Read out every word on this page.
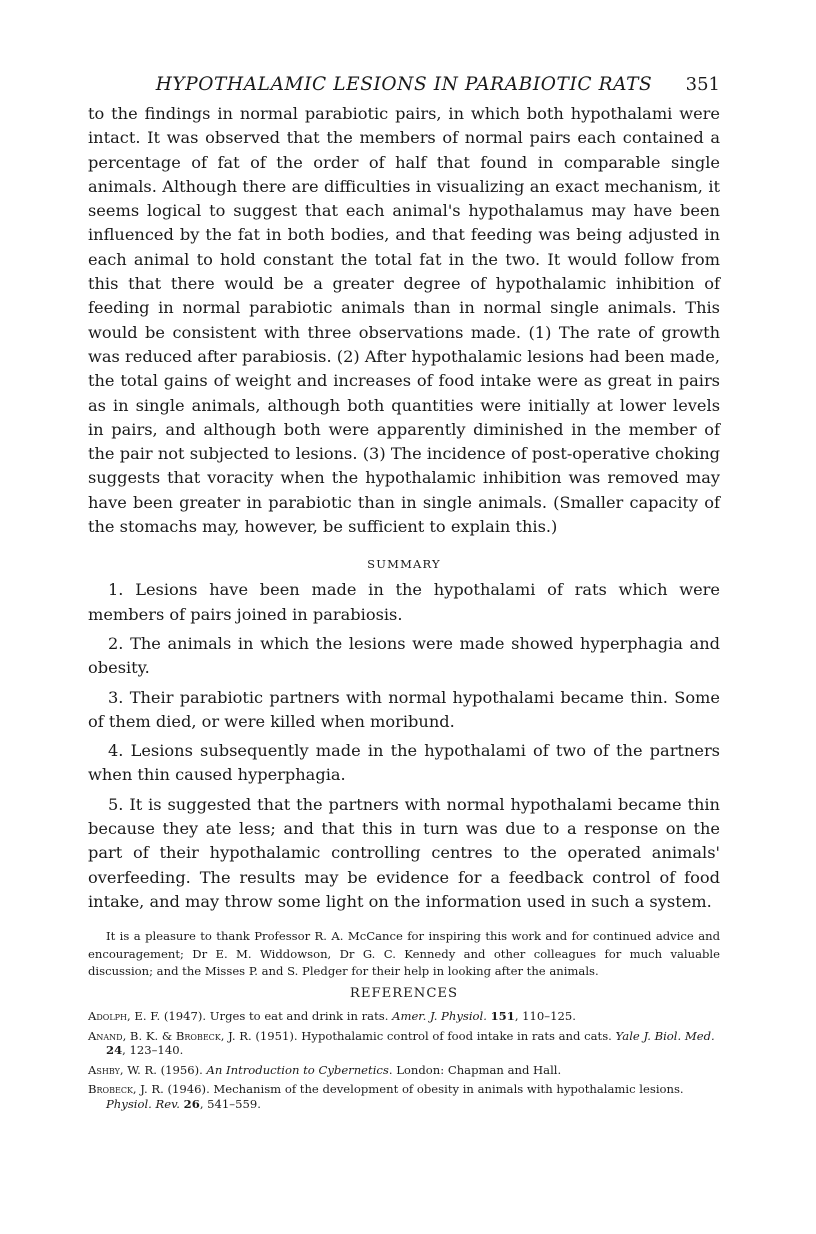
HYPOTHALAMIC LESIONS IN PARABIOTIC RATS	351

to the findings in normal parabiotic pairs, in which both hypothalami were intact. It was observed that the members of normal pairs each contained a percentage of fat of the order of half that found in comparable single animals. Although there are difficulties in visualizing an exact mechanism, it seems logical to suggest that each animal's hypothalamus may have been influenced by the fat in both bodies, and that feeding was being adjusted in each animal to hold constant the total fat in the two. It would follow from this that there would be a greater degree of hypothalamic inhibition of feeding in normal parabiotic animals than in normal single animals. This would be consistent with three observations made. (1) The rate of growth was reduced after parabiosis. (2) After hypothalamic lesions had been made, the total gains of weight and increases of food intake were as great in pairs as in single animals, although both quantities were initially at lower levels in pairs, and although both were apparently diminished in the member of the pair not subjected to lesions. (3) The incidence of post-operative choking suggests that voracity when the hypothalamic inhibition was removed may have been greater in parabiotic than in single animals. (Smaller capacity of the stomachs may, however, be sufficient to explain this.)

SUMMARY
1. Lesions have been made in the hypothalami of rats which were members of pairs joined in parabiosis.
2. The animals in which the lesions were made showed hyperphagia and obesity.
3. Their parabiotic partners with normal hypothalami became thin. Some of them died, or were killed when moribund.
4. Lesions subsequently made in the hypothalami of two of the partners when thin caused hyperphagia.
5. It is suggested that the partners with normal hypothalami became thin because they ate less; and that this in turn was due to a response on the part of their hypothalamic controlling centres to the operated animals' overfeeding. The results may be evidence for a feedback control of food intake, and may throw some light on the information used in such a system.

It is a pleasure to thank Professor R. A. McCance for inspiring this work and for continued advice and encouragement; Dr E. M. Widdowson, Dr G. C. Kennedy and other colleagues for much valuable discussion; and the Misses P. and S. Pledger for their help in looking after the animals.

REFERENCES

Adolph, E. F. (1947). Urges to eat and drink in rats. Amer. J. Physiol. 151, 110–125.

Anand, B. K. & Brobeck, J. R. (1951). Hypothalamic control of food intake in rats and cats. Yale J. Biol. Med. 24, 123–140.

Ashby, W. R. (1956). An Introduction to Cybernetics. London: Chapman and Hall.

Brobeck, J. R. (1946). Mechanism of the development of obesity in animals with hypothalamic lesions. Physiol. Rev. 26, 541–559.
